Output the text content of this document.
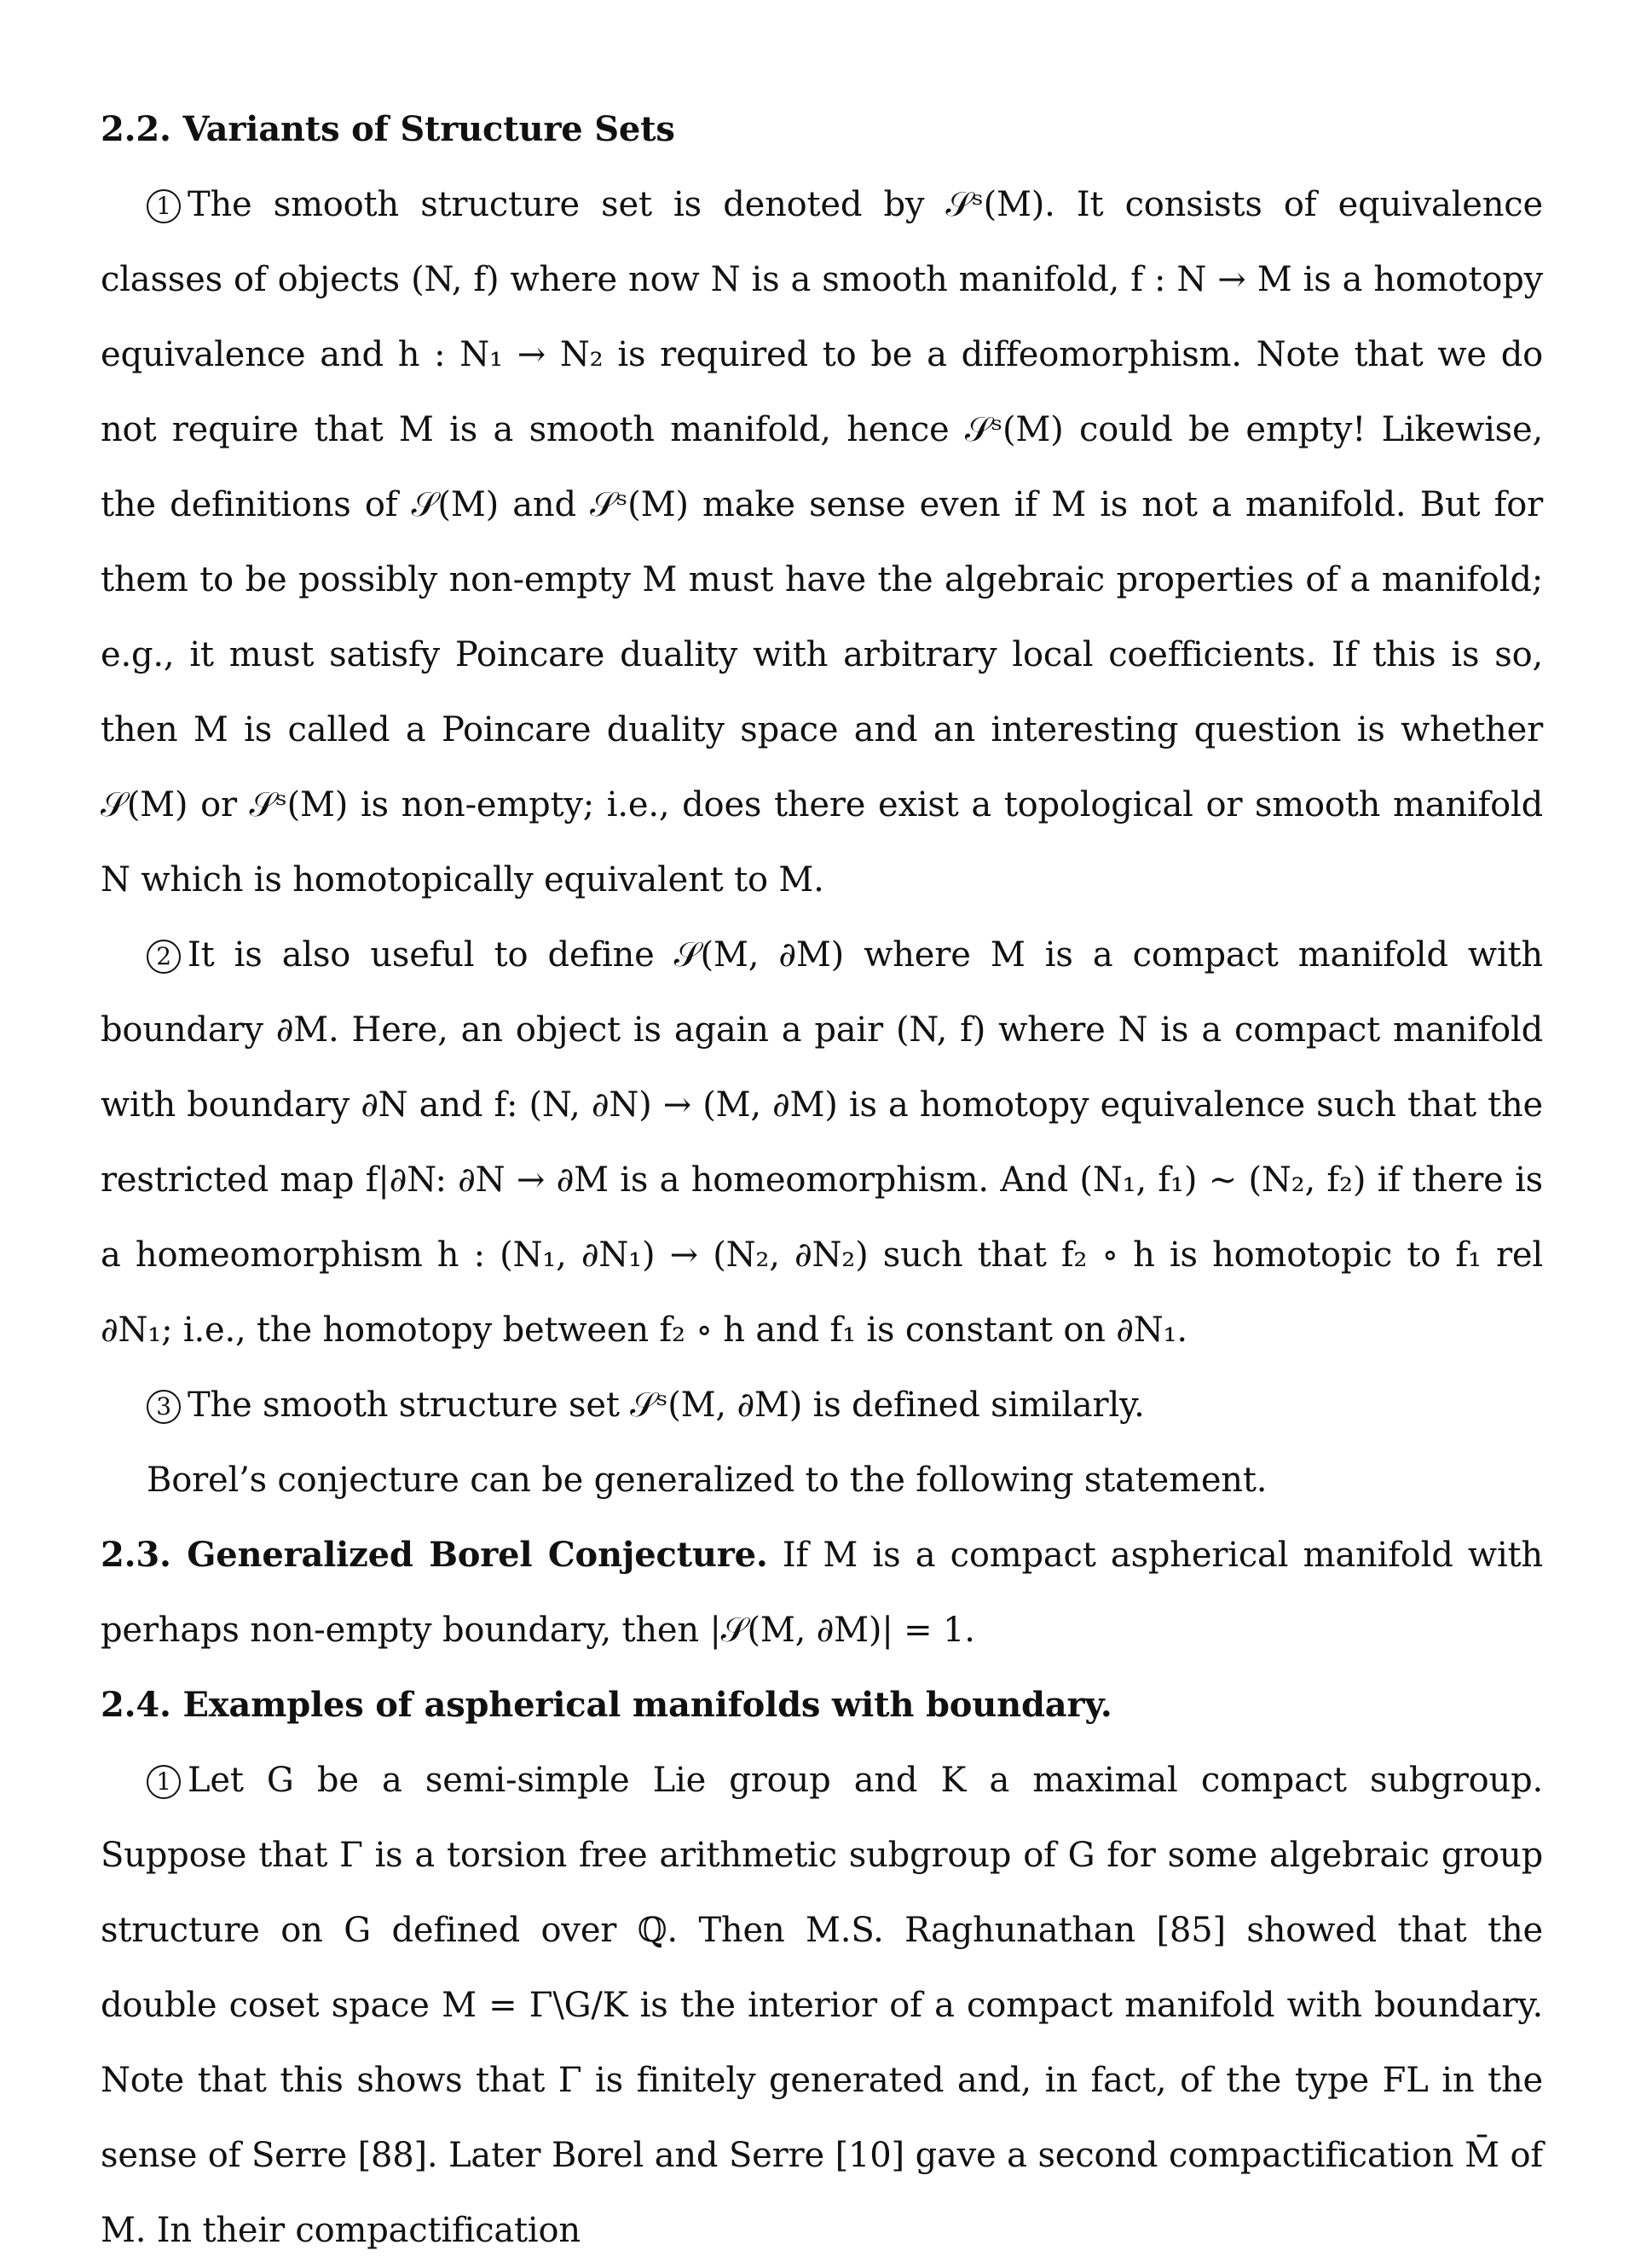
2.2. Variants of Structure Sets

1 The smooth structure set is denoted by 𝒮ˢ(M). It consists of equivalence classes of objects (N, f) where now N is a smooth manifold, f : N → M is a homotopy equivalence and h : N₁ → N₂ is required to be a diffeomorphism. Note that we do not require that M is a smooth manifold, hence 𝒮ˢ(M) could be empty! Likewise, the definitions of 𝒮(M) and 𝒮ˢ(M) make sense even if M is not a manifold. But for them to be possibly non-empty M must have the algebraic properties of a manifold; e.g., it must satisfy Poincare duality with arbitrary local coefficients. If this is so, then M is called a Poincare duality space and an interesting question is whether 𝒮(M) or 𝒮ˢ(M) is non-empty; i.e., does there exist a topological or smooth manifold N which is homotopically equivalent to M.

2 It is also useful to define 𝒮(M, ∂M) where M is a compact manifold with boundary ∂M. Here, an object is again a pair (N, f) where N is a compact manifold with boundary ∂N and f: (N, ∂N) → (M, ∂M) is a homotopy equivalence such that the restricted map f|∂N: ∂N → ∂M is a homeomorphism. And (N₁, f₁) ∼ (N₂, f₂) if there is a homeomorphism h : (N₁, ∂N₁) → (N₂, ∂N₂) such that f₂ ∘ h is homotopic to f₁ rel ∂N₁; i.e., the homotopy between f₂ ∘ h and f₁ is constant on ∂N₁.

3 The smooth structure set 𝒮ˢ(M, ∂M) is defined similarly.

Borel’s conjecture can be generalized to the following statement.

2.3. Generalized Borel Conjecture. If M is a compact aspherical manifold with perhaps non-empty boundary, then |𝒮(M, ∂M)| = 1.

2.4. Examples of aspherical manifolds with boundary.

1 Let G be a semi-simple Lie group and K a maximal compact subgroup. Suppose that Γ is a torsion free arithmetic subgroup of G for some algebraic group structure on G defined over ℚ. Then M.S. Raghunathan [85] showed that the double coset space M = Γ\G/K is the interior of a compact manifold with boundary. Note that this shows that Γ is finitely generated and, in fact, of the type FL in the sense of Serre [88]. Later Borel and Serre [10] gave a second compactification M̄ of M. In their compactification
